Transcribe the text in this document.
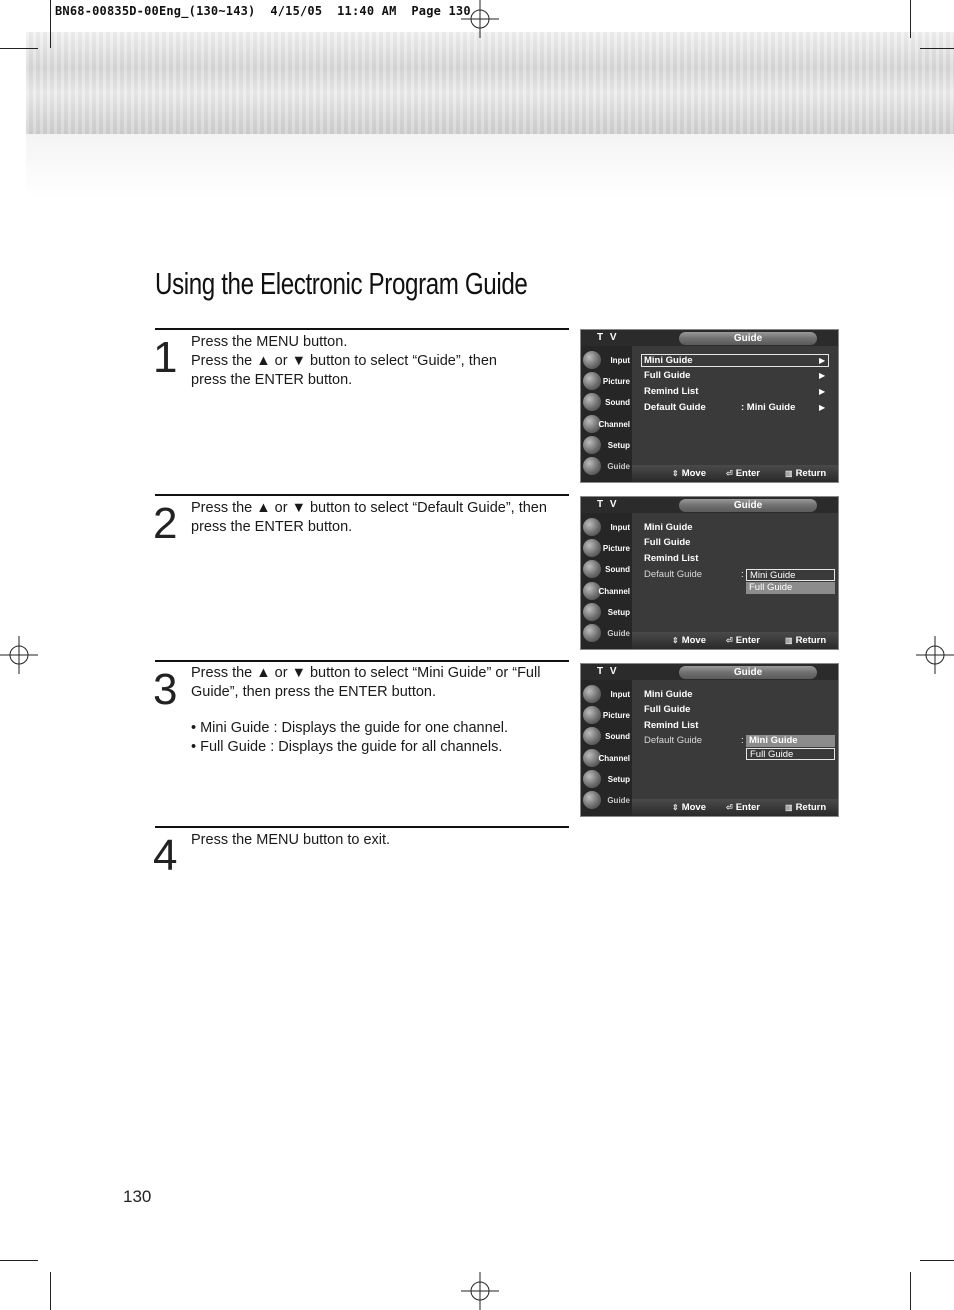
BN68-00835D-00Eng_(130~143)  4/15/05  11:40 AM  Page 130
Using the Electronic Program Guide
1 Press the MENU button.
Press the ▲ or ▼ button to select “Guide”, then
press the ENTER button.
2 Press the ▲ or ▼ button to select “Default Guide”, then
press the ENTER button.
3 Press the ▲ or ▼ button to select “Mini Guide” or “Full
Guide”, then press the ENTER button.
• Mini Guide : Displays the guide for one channel.
• Full Guide : Displays the guide for all channels.
4 Press the MENU button to exit.
T V	Guide
Input
Picture
Sound
Channel
Setup
Guide
Mini Guide	▶
Full Guide	▶
Remind List	▶
Default Guide	: Mini Guide	▶
⇕ Move	⏎ Enter	▥ Return
T V	Guide
Input
Picture
Sound
Channel
Setup
Guide
Mini Guide
Full Guide
Remind List
Default Guide	: Mini Guide
Full Guide
⇕ Move	⏎ Enter	▥ Return
T V	Guide
Input
Picture
Sound
Channel
Setup
Guide
Mini Guide
Full Guide
Remind List
Default Guide	: Mini Guide
Full Guide
⇕ Move	⏎ Enter	▥ Return
130
